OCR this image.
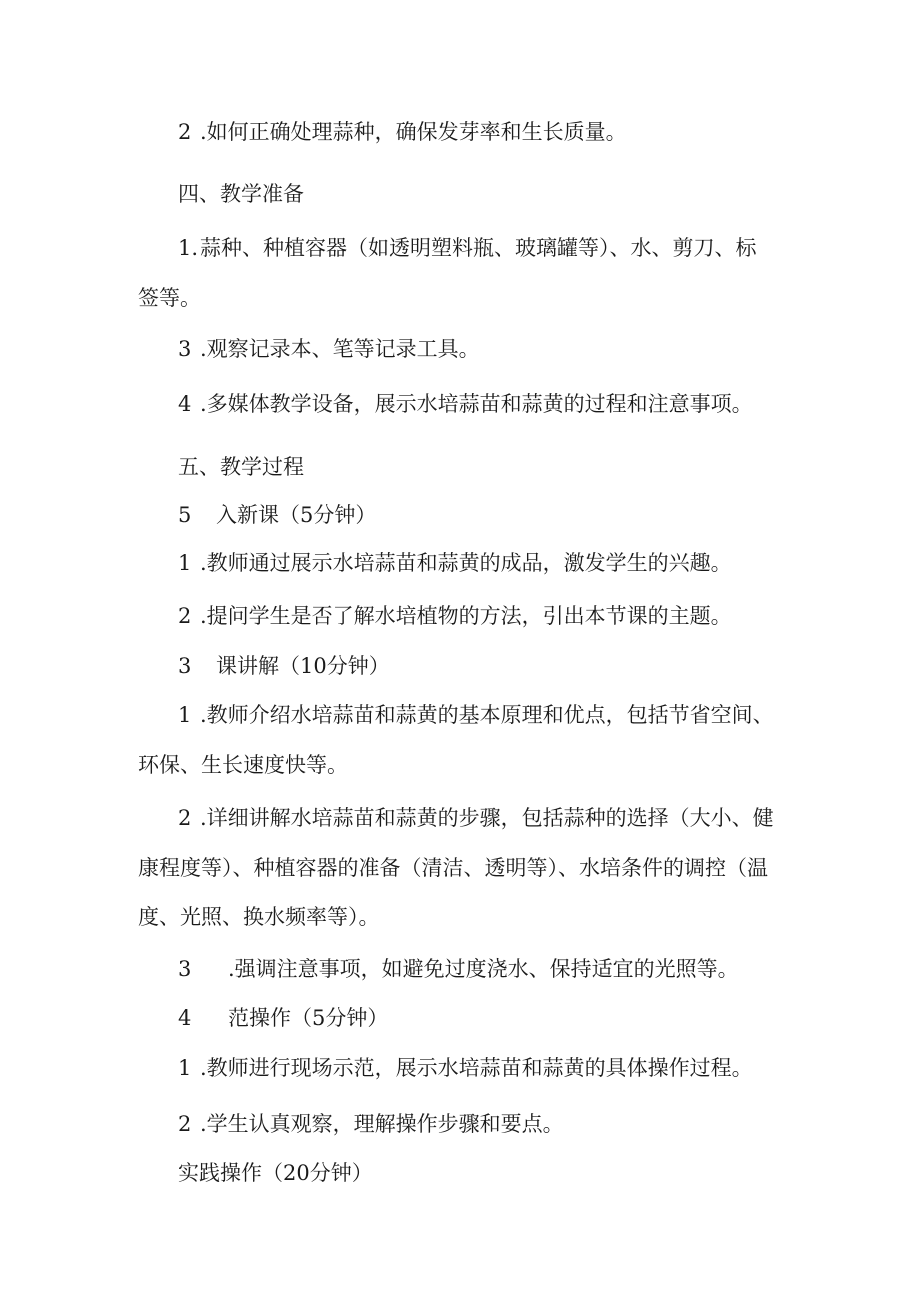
2 .如何正确处理蒜种，确保发芽率和生长质量。
四、教学准备
1.蒜种、种植容器（如透明塑料瓶、玻璃罐等）、水、剪刀、标
签等。
3 .观察记录本、笔等记录工具。
4 .多媒体教学设备，展示水培蒜苗和蒜黄的过程和注意事项。
五、教学过程
5 入新课（5分钟）
1 .教师通过展示水培蒜苗和蒜黄的成品，激发学生的兴趣。
2 .提问学生是否了解水培植物的方法，引出本节课的主题。
3 课讲解（10分钟）
1 .教师介绍水培蒜苗和蒜黄的基本原理和优点，包括节省空间、
环保、生长速度快等。
2 .详细讲解水培蒜苗和蒜黄的步骤，包括蒜种的选择（大小、健
康程度等）、种植容器的准备（清洁、透明等）、水培条件的调控（温
度、光照、换水频率等）。
3 .强调注意事项，如避免过度浇水、保持适宜的光照等。
4 范操作（5分钟）
1 .教师进行现场示范，展示水培蒜苗和蒜黄的具体操作过程。
2 .学生认真观察，理解操作步骤和要点。
实践操作（20分钟）
